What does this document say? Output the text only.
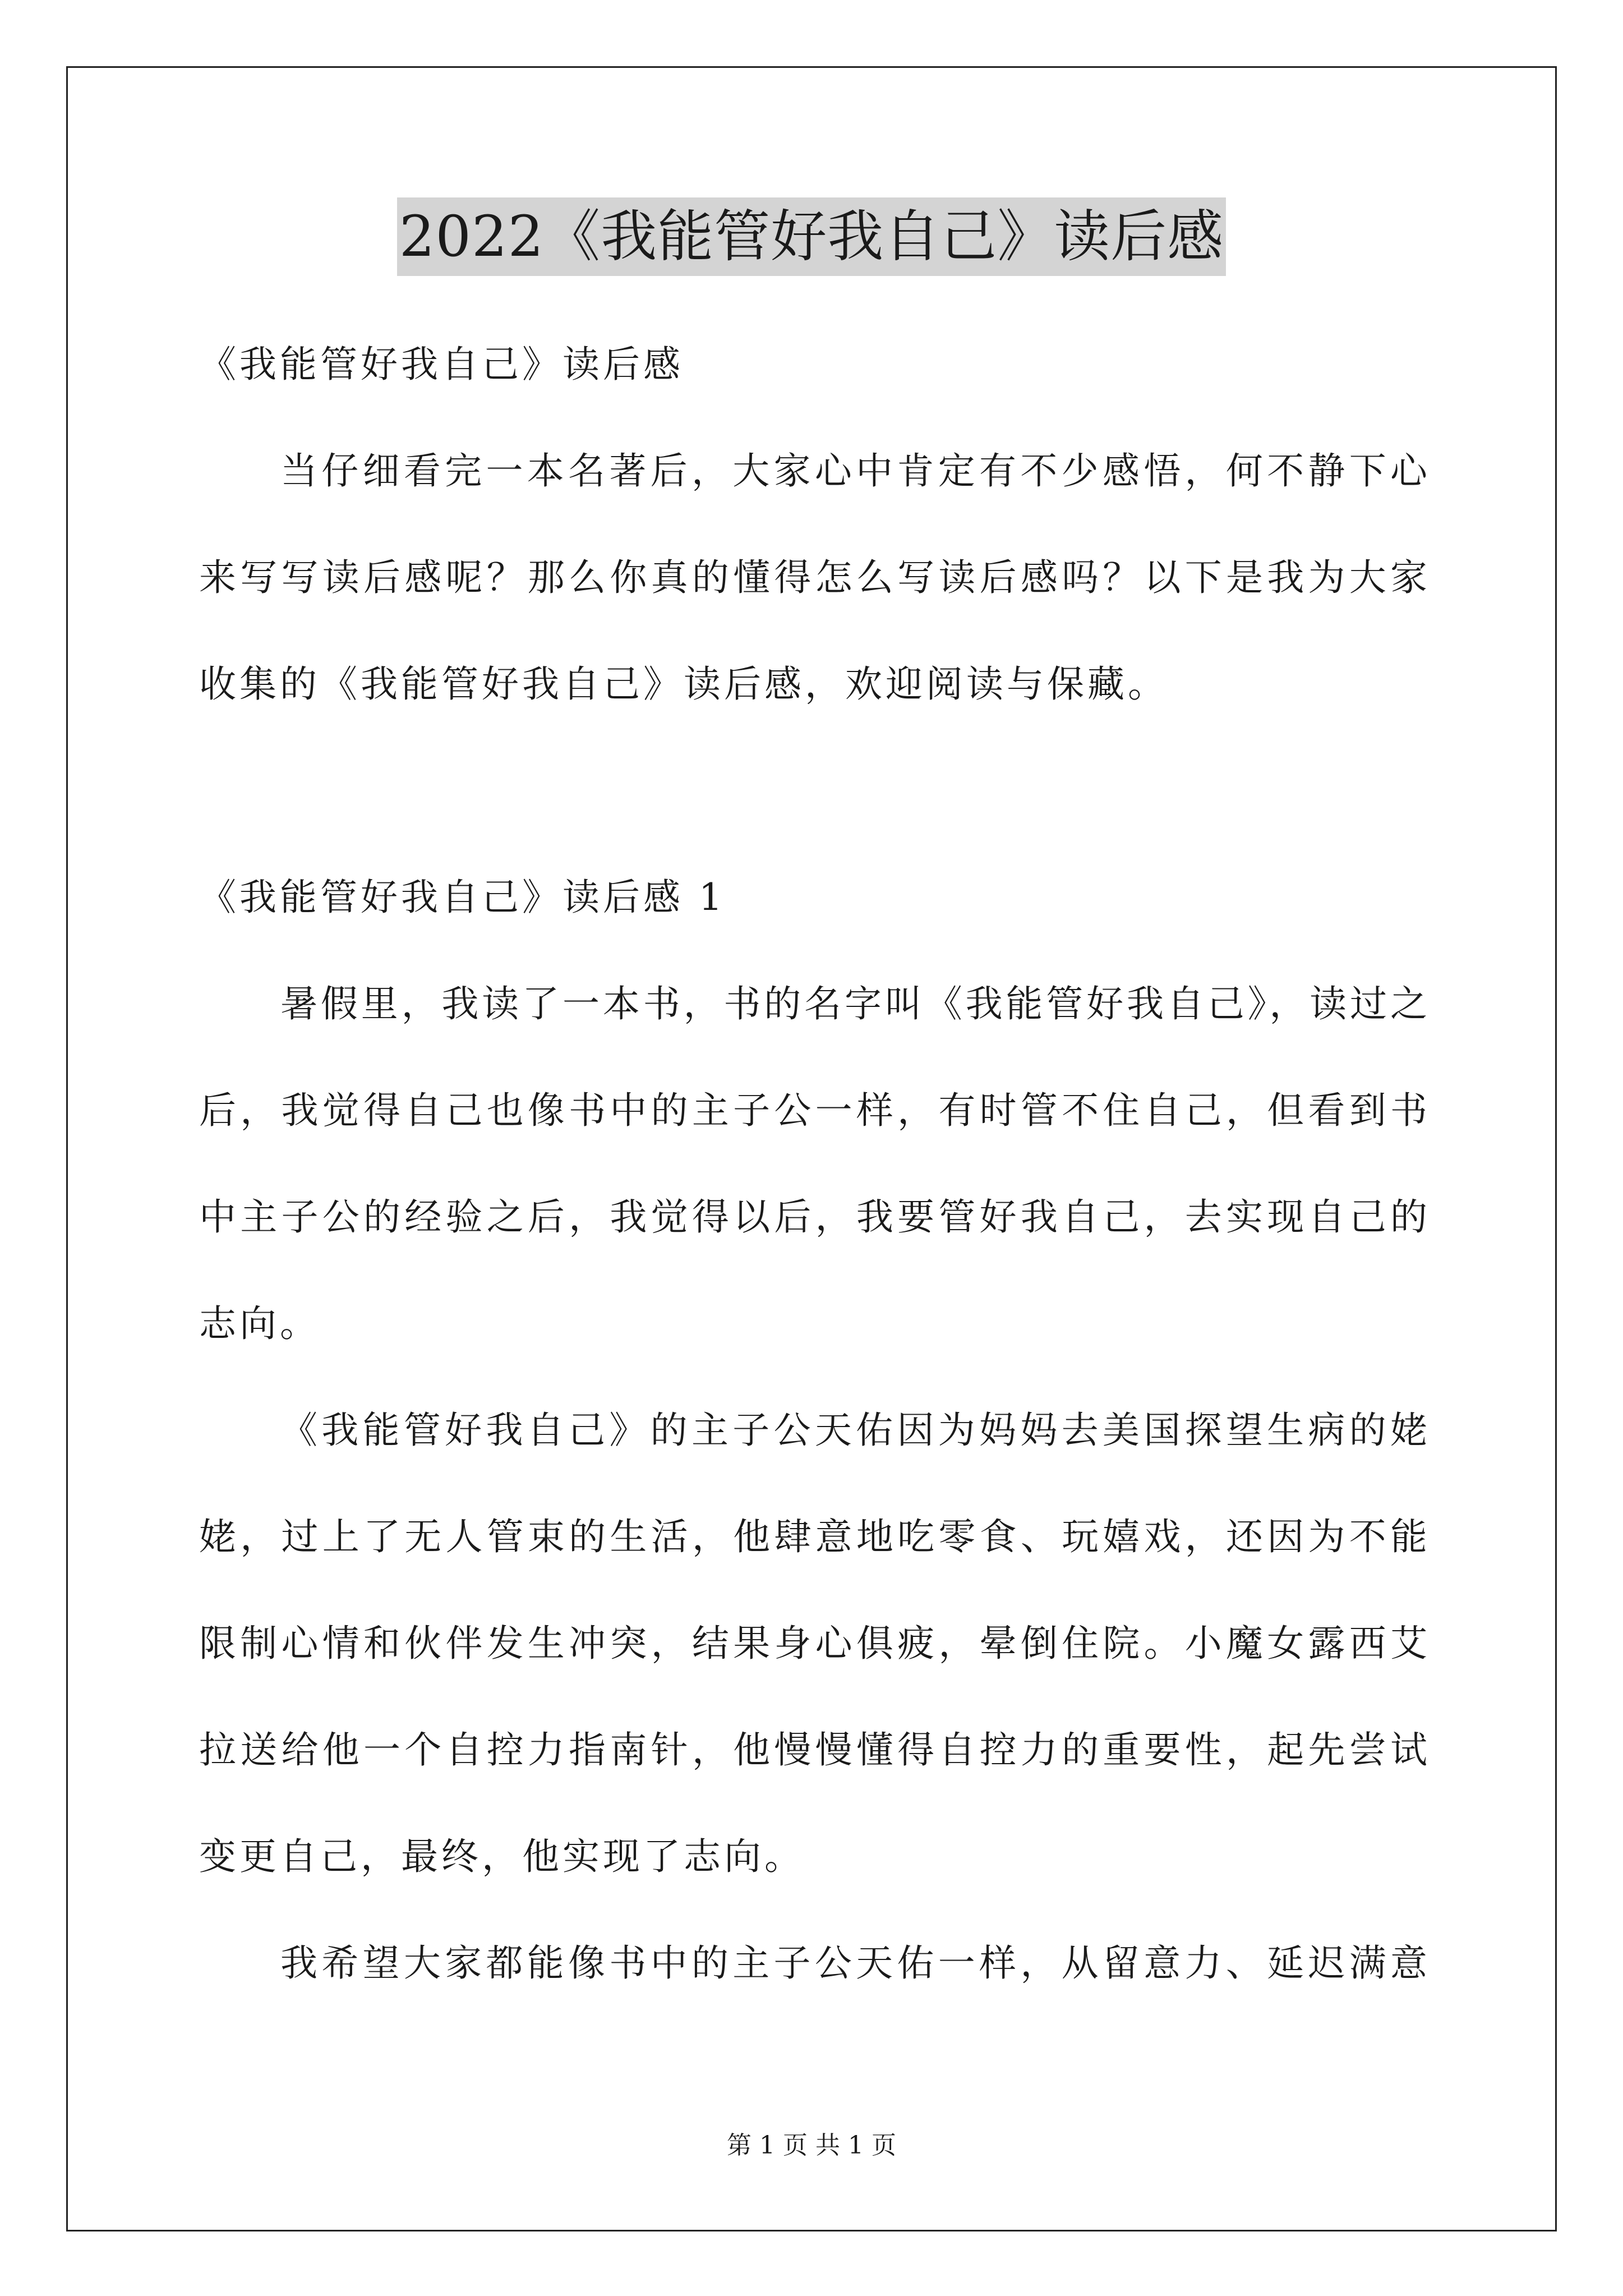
2022《我能管好我自己》读后感
《我能管好我自己》读后感
当仔细看完一本名著后，大家心中肯定有不少感悟，何不静下心
来写写读后感呢？那么你真的懂得怎么写读后感吗？以下是我为大家
收集的《我能管好我自己》读后感，欢迎阅读与保藏。
《我能管好我自己》读后感 1
暑假里，我读了一本书，书的名字叫《我能管好我自己》，读过之
后，我觉得自己也像书中的主子公一样，有时管不住自己，但看到书
中主子公的经验之后，我觉得以后，我要管好我自己，去实现自己的
志向。
《我能管好我自己》的主子公天佑因为妈妈去美国探望生病的姥
姥，过上了无人管束的生活，他肆意地吃零食、玩嬉戏，还因为不能
限制心情和伙伴发生冲突，结果身心俱疲，晕倒住院。小魔女露西艾
拉送给他一个自控力指南针，他慢慢懂得自控力的重要性，起先尝试
变更自己，最终，他实现了志向。
我希望大家都能像书中的主子公天佑一样，从留意力、延迟满意
第 1 页 共 1 页
